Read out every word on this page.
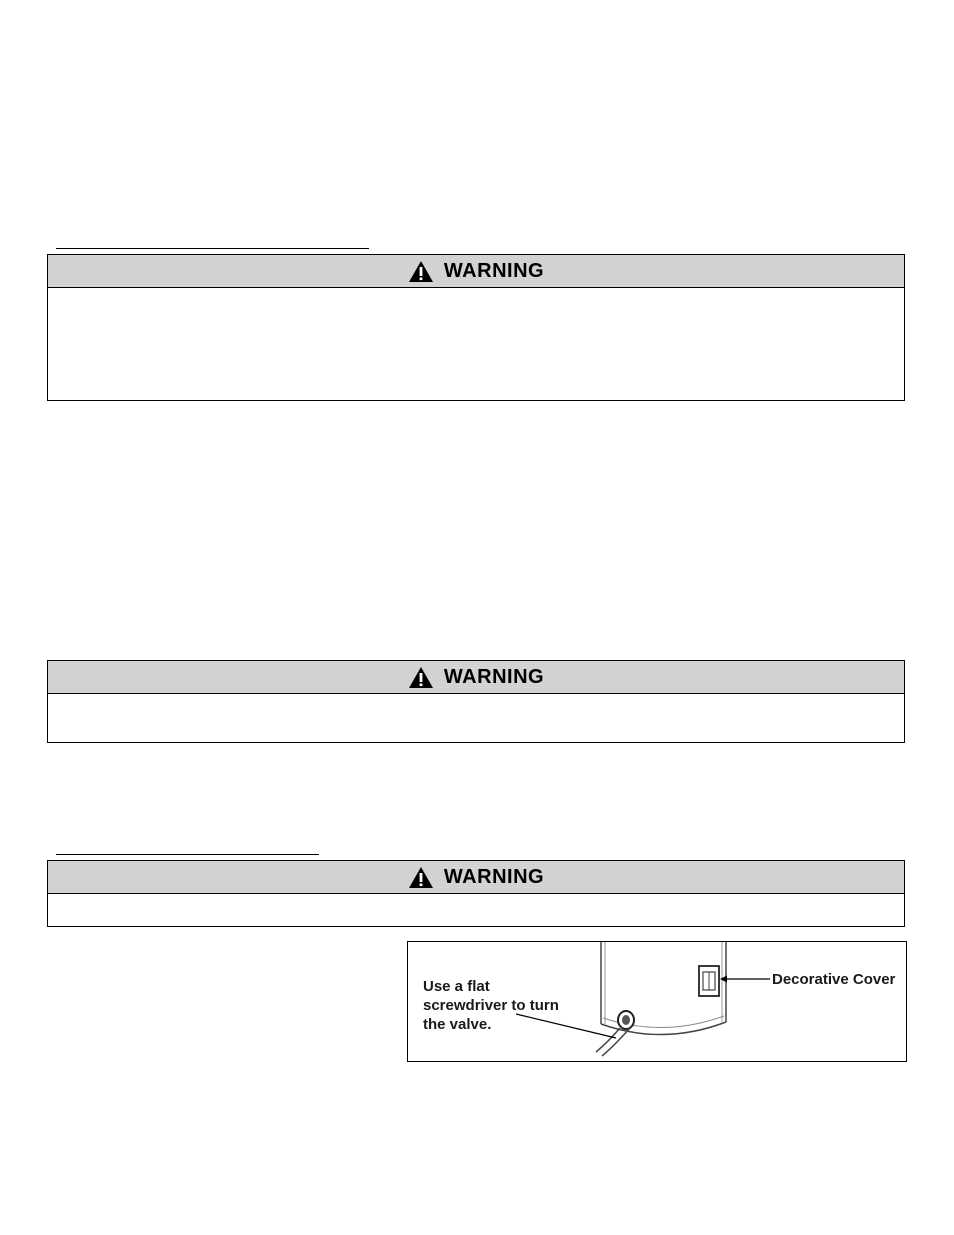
WARNING
WARNING
WARNING
Use a flat
screwdriver to turn
the valve.
Decorative Cover
